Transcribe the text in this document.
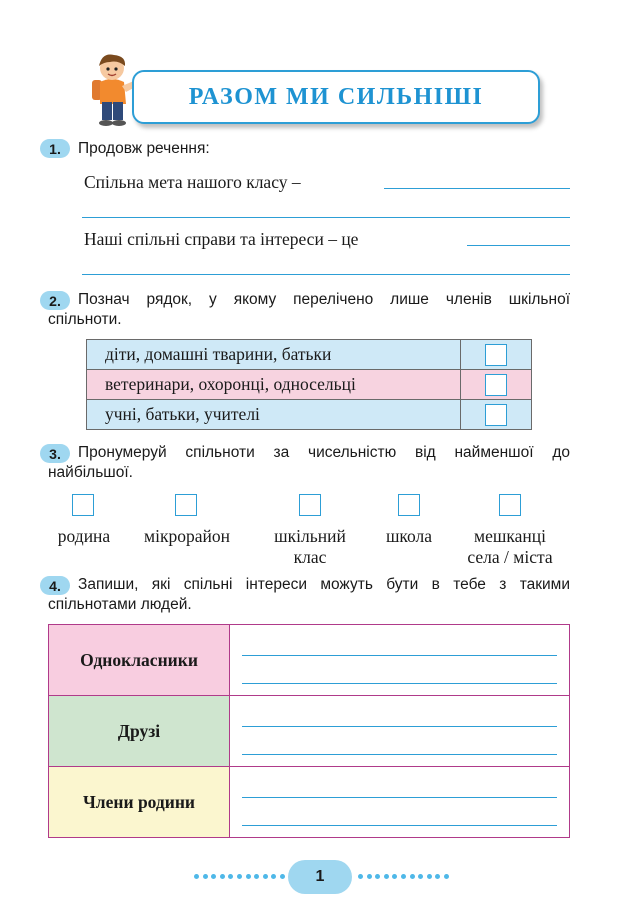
РАЗОМ МИ СИЛЬНІШІ
1.	Продовж речення:
Спільна мета нашого класу –
Наші спільні справи та інтереси – це
2.	Познач рядок, у якому перелічено лише членів шкільної
спільноти.
діти, домашні тварини, батьки	
ветеринари, охоронці, односельці	
учні, батьки, учителі	
3.	Пронумеруй спільноти за чисельністю від найменшої до
найбільшої.
родина	мікрорайон	шкільний
клас
школа	мешканці
села / міста
4.	Запиши, які спільні інтереси можуть бути в тебе з такими
спільнотами людей.
Однокласники	

Друзі	

Члени родини	
1
